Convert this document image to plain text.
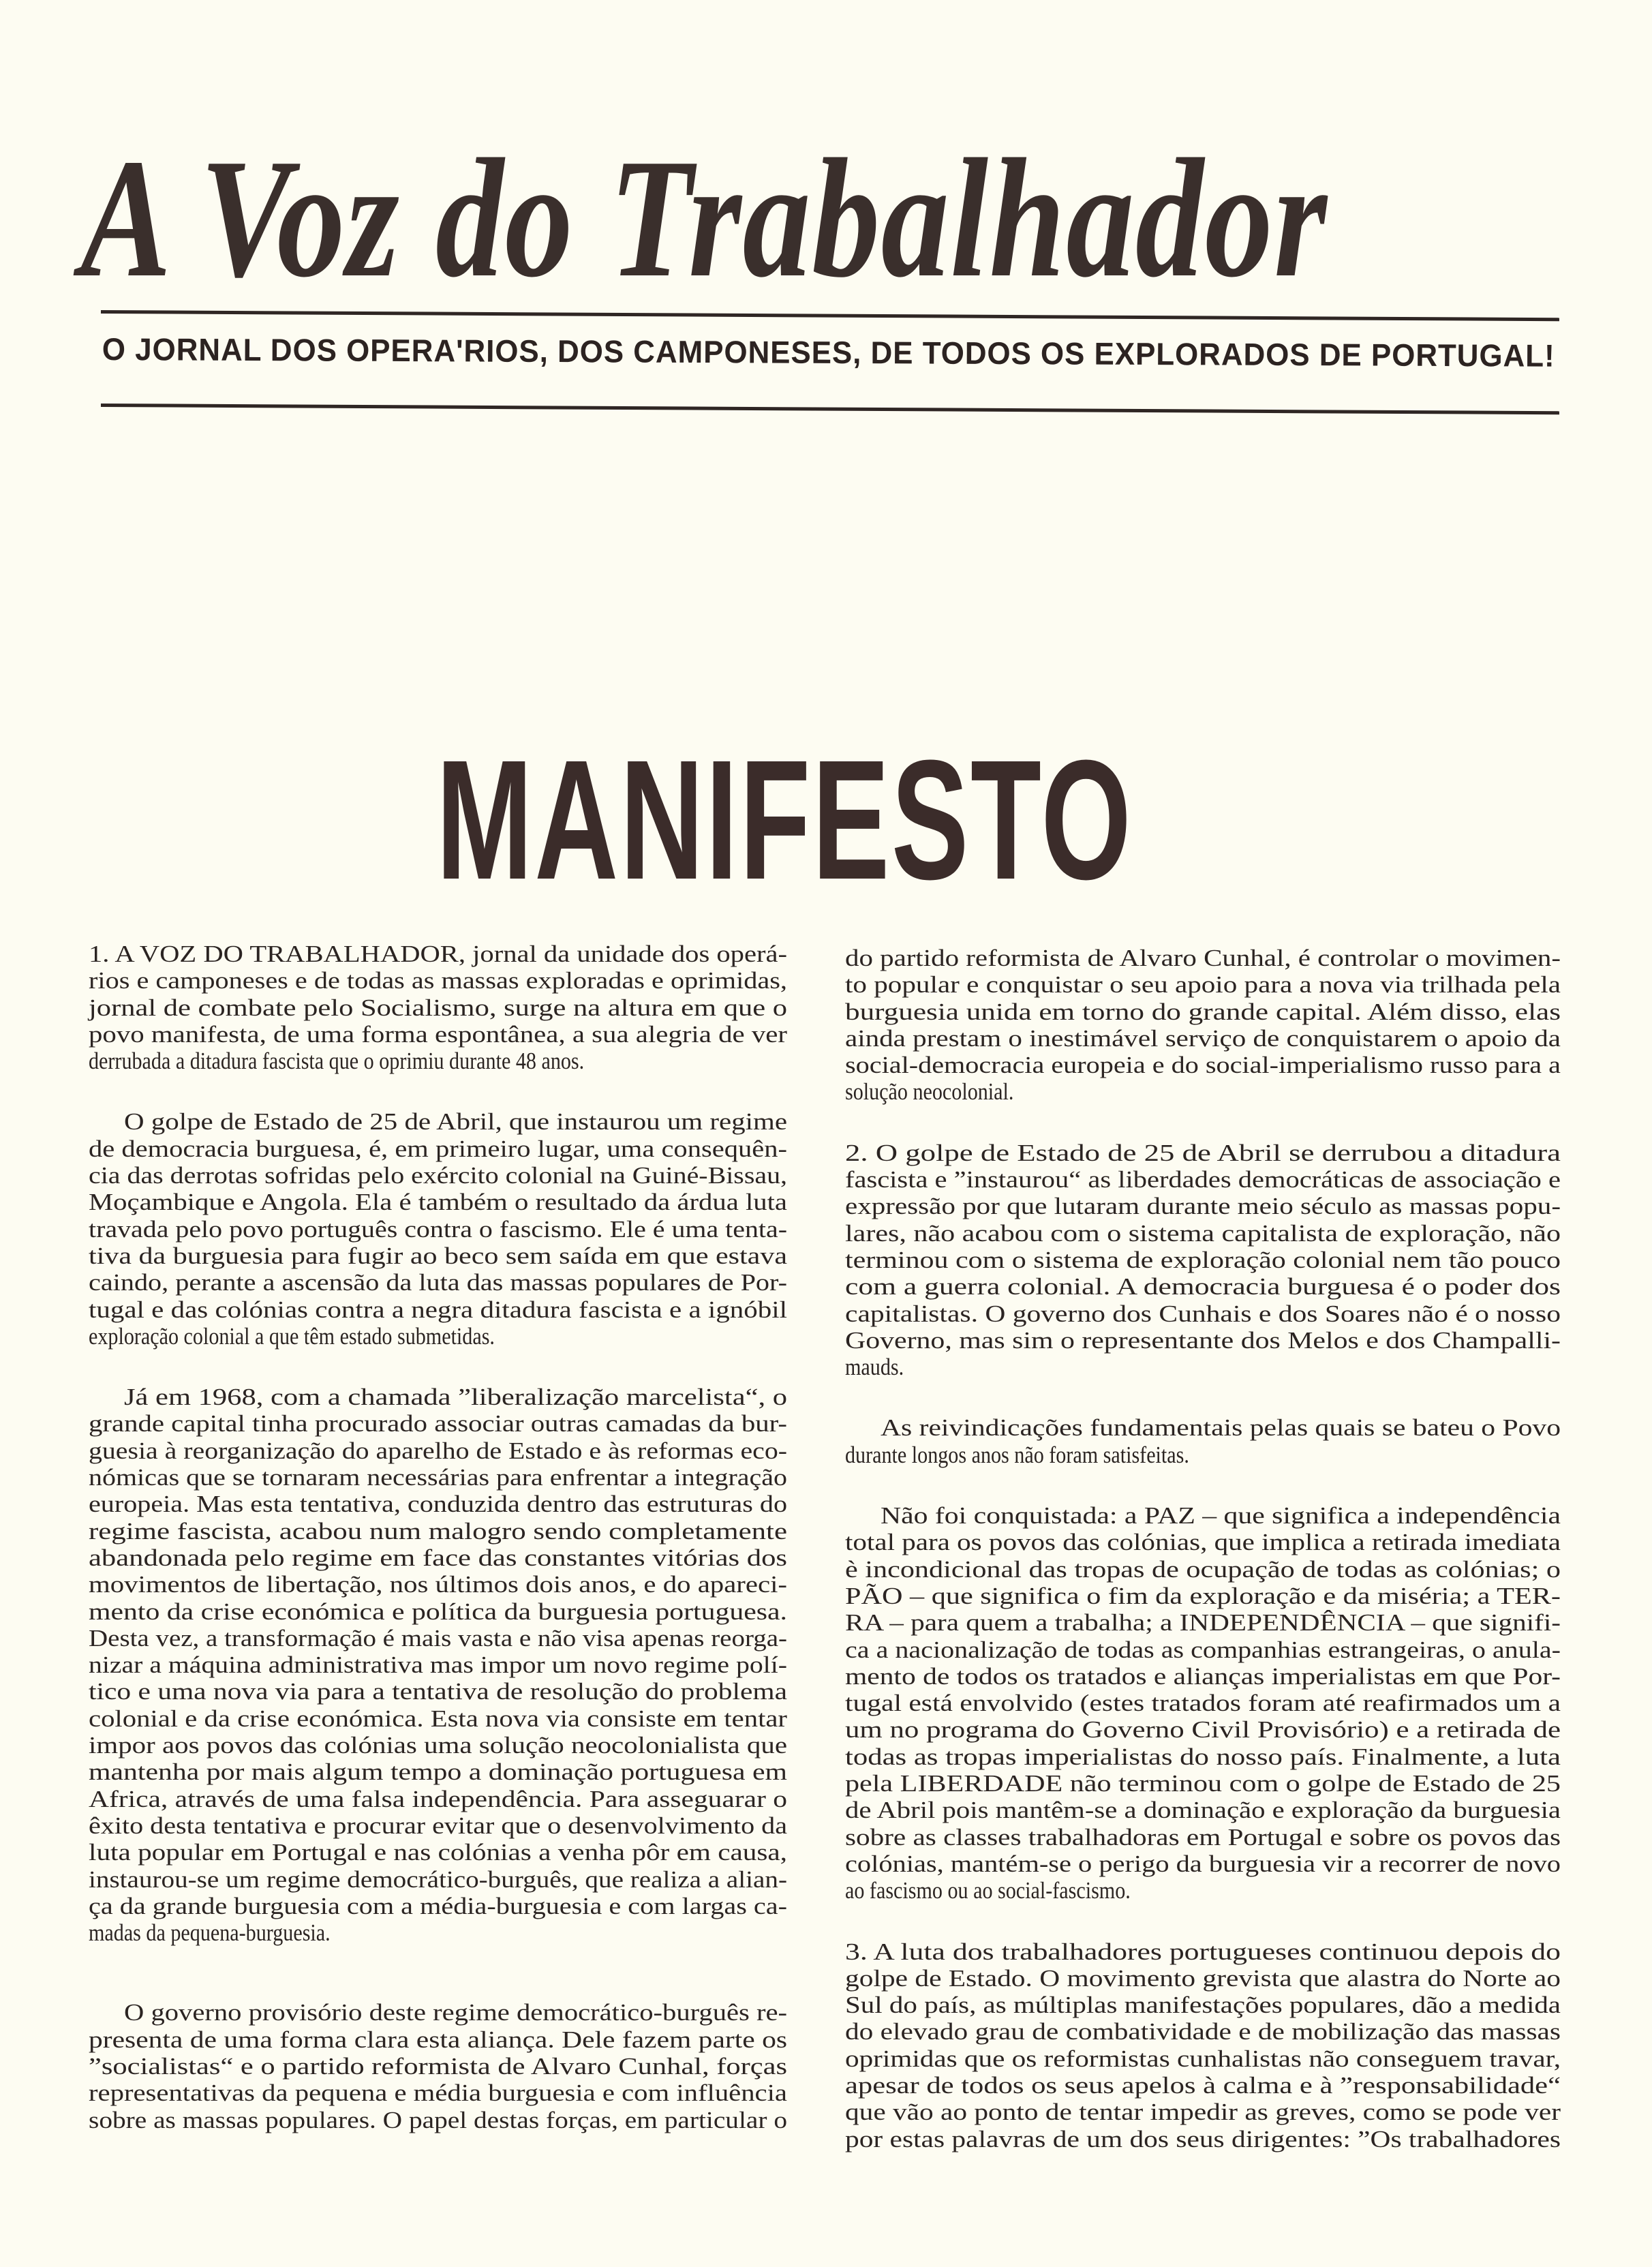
A Voz do Trabalhador
O JORNAL DOS OPERA'RIOS, DOS CAMPONESES, DE TODOS OS EXPLORADOS DE PORTUGAL!
MANIFESTO
1. A VOZ DO TRABALHADOR, jornal da unidade dos operá-
rios e camponeses e de todas as massas exploradas e oprimidas,
jornal de combate pelo Socialismo, surge na altura em que o
povo manifesta, de uma forma espontânea, a sua alegria de ver
derrubada a ditadura fascista que o oprimiu durante 48 anos.
O golpe de Estado de 25 de Abril, que instaurou um regime
de democracia burguesa, é, em primeiro lugar, uma consequên-
cia das derrotas sofridas pelo exército colonial na Guiné-Bissau,
Moçambique e Angola. Ela é também o resultado da árdua luta
travada pelo povo português contra o fascismo. Ele é uma tenta-
tiva da burguesia para fugir ao beco sem saída em que estava
caindo, perante a ascensão da luta das massas populares de Por-
tugal e das colónias contra a negra ditadura fascista e a ignóbil
exploração colonial a que têm estado submetidas.
Já em 1968, com a chamada ”liberalização marcelista“, o
grande capital tinha procurado associar outras camadas da bur-
guesia à reorganização do aparelho de Estado e às reformas eco-
nómicas que se tornaram necessárias para enfrentar a integração
europeia. Mas esta tentativa, conduzida dentro das estruturas do
regime fascista, acabou num malogro sendo completamente
abandonada pelo regime em face das constantes vitórias dos
movimentos de libertação, nos últimos dois anos, e do apareci-
mento da crise económica e política da burguesia portuguesa.
Desta vez, a transformação é mais vasta e não visa apenas reorga-
nizar a máquina administrativa mas impor um novo regime polí-
tico e uma nova via para a tentativa de resolução do problema
colonial e da crise económica. Esta nova via consiste em tentar
impor aos povos das colónias uma solução neocolonialista que
mantenha por mais algum tempo a dominação portuguesa em
Africa, através de uma falsa independência. Para asseguarar o
êxito desta tentativa e procurar evitar que o desenvolvimento da
luta popular em Portugal e nas colónias a venha pôr em causa,
instaurou-se um regime democrático-burguês, que realiza a alian-
ça da grande burguesia com a média-burguesia e com largas ca-
madas da pequena-burguesia.
O governo provisório deste regime democrático-burguês re-
presenta de uma forma clara esta aliança. Dele fazem parte os
”socialistas“ e o partido reformista de Alvaro Cunhal, forças
representativas da pequena e média burguesia e com influência
sobre as massas populares. O papel destas forças, em particular o
do partido reformista de Alvaro Cunhal, é controlar o movimen-
to popular e conquistar o seu apoio para a nova via trilhada pela
burguesia unida em torno do grande capital. Além disso, elas
ainda prestam o inestimável serviço de conquistarem o apoio da
social-democracia europeia e do social-imperialismo russo para a
solução neocolonial.
2. O golpe de Estado de 25 de Abril se derrubou a ditadura
fascista e ”instaurou“ as liberdades democráticas de associação e
expressão por que lutaram durante meio século as massas popu-
lares, não acabou com o sistema capitalista de exploração, não
terminou com o sistema de exploração colonial nem tão pouco
com a guerra colonial. A democracia burguesa é o poder dos
capitalistas. O governo dos Cunhais e dos Soares não é o nosso
Governo, mas sim o representante dos Melos e dos Champalli-
mauds.
As reivindicações fundamentais pelas quais se bateu o Povo
durante longos anos não foram satisfeitas.
Não foi conquistada: a PAZ – que significa a independência
total para os povos das colónias, que implica a retirada imediata
è incondicional das tropas de ocupação de todas as colónias; o
PÃO – que significa o fim da exploração e da miséria; a TER-
RA – para quem a trabalha; a INDEPENDÊNCIA – que signifi-
ca a nacionalização de todas as companhias estrangeiras, o anula-
mento de todos os tratados e alianças imperialistas em que Por-
tugal está envolvido (estes tratados foram até reafirmados um a
um no programa do Governo Civil Provisório) e a retirada de
todas as tropas imperialistas do nosso país. Finalmente, a luta
pela LIBERDADE não terminou com o golpe de Estado de 25
de Abril pois mantêm-se a dominação e exploração da burguesia
sobre as classes trabalhadoras em Portugal e sobre os povos das
colónias, mantém-se o perigo da burguesia vir a recorrer de novo
ao fascismo ou ao social-fascismo.
3. A luta dos trabalhadores portugueses continuou depois do
golpe de Estado. O movimento grevista que alastra do Norte ao
Sul do país, as múltiplas manifestações populares, dão a medida
do elevado grau de combatividade e de mobilização das massas
oprimidas que os reformistas cunhalistas não conseguem travar,
apesar de todos os seus apelos à calma e à ”responsabilidade“
que vão ao ponto de tentar impedir as greves, como se pode ver
por estas palavras de um dos seus dirigentes: ”Os trabalhadores
